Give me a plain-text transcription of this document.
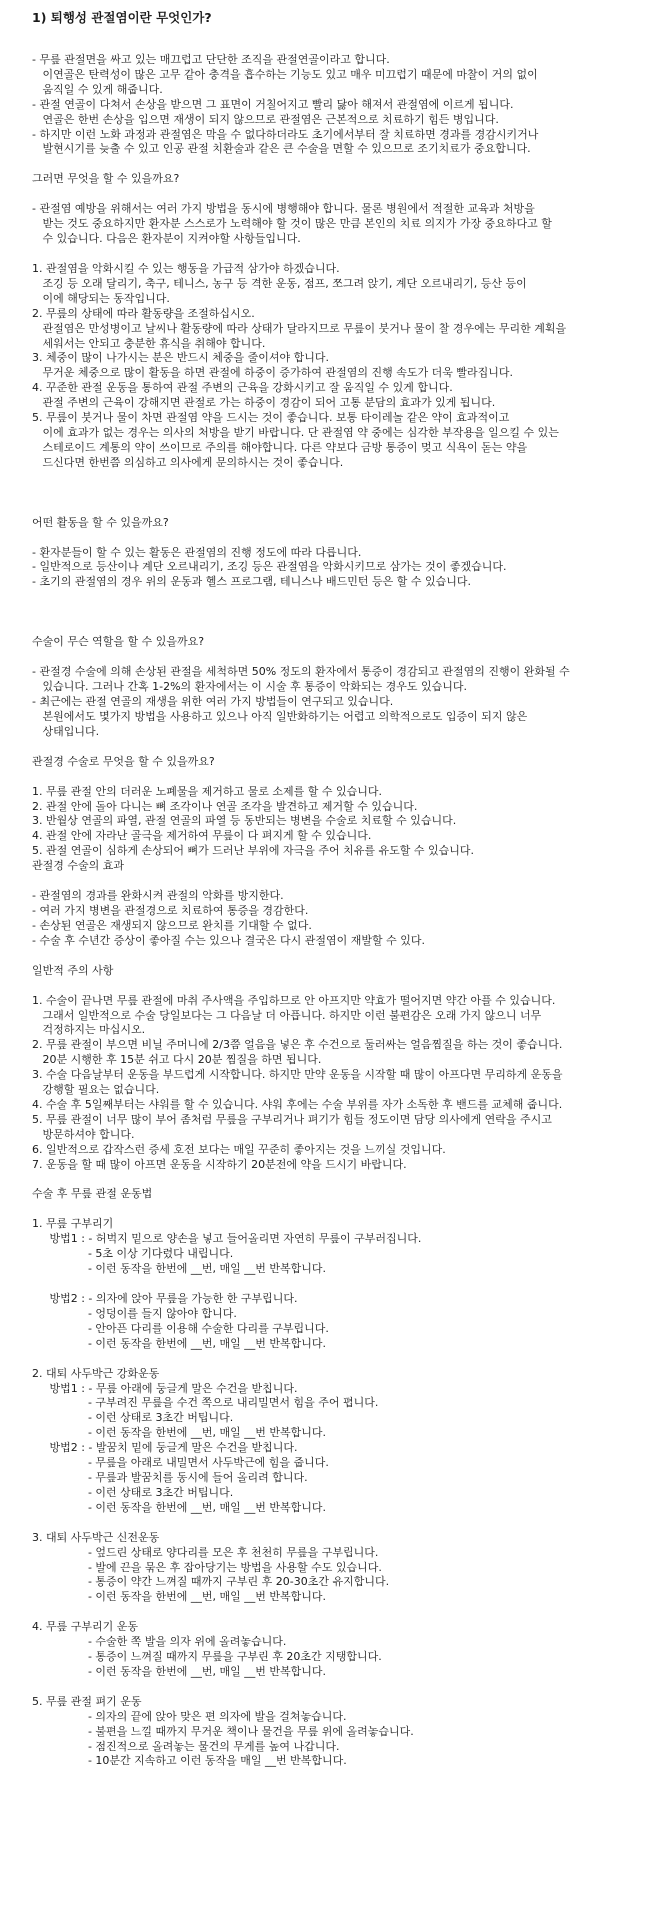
1) 퇴행성 관절염이란 무엇인가?
- 무릎 관절면을 싸고 있는 매끄럽고 단단한 조직을 관절연골이라고 합니다.
이연골은 탄력성이 많은 고무 같아 충격을 흡수하는 기능도 있고 매우 미끄럽기 때문에 마찰이 거의 없이
움직일 수 있게 해줍니다.
- 관절 연골이 다쳐서 손상을 받으면 그 표면이 거칠어지고 빨리 닳아 해져서 관절염에 이르게 됩니다.
연골은 한번 손상을 입으면 재생이 되지 않으므로 관절염은 근본적으로 치료하기 힘든 병입니다.
- 하지만 이런 노화 과정과 관절염은 막을 수 없다하더라도 초기에서부터 잘 치료하면 경과를 경감시키거나
발현시기를 늦출 수 있고 인공 관절 치환술과 같은 큰 수술을 면할 수 있으므로 조기치료가 중요합니다.
그러면 무엇을 할 수 있을까요?
- 관절염 예방을 위해서는 여러 가지 방법을 동시에 병행해야 합니다. 물론 병원에서 적절한 교육과 처방을
받는 것도 중요하지만 환자분 스스로가 노력해야 할 것이 많은 만큼 본인의 치료 의지가 가장 중요하다고 할
수 있습니다. 다음은 환자분이 지켜야할 사항들입니다.
1. 관절염을 악화시킬 수 있는 행동을 가급적 삼가야 하겠습니다.
조깅 등 오래 달리기, 축구, 테니스, 농구 등 격한 운동, 점프, 쪼그려 앉기, 계단 오르내리기, 등산 등이
이에 해당되는 동작입니다.
2. 무릎의 상태에 따라 활동량을 조절하십시오.
관절염은 만성병이고 날씨나 활동량에 따라 상태가 달라지므로 무릎이 붓거나 물이 찰 경우에는 무리한 계획을
세워서는 안되고 충분한 휴식을 취해야 합니다.
3. 체중이 많이 나가시는 분은 반드시 체중을 줄이셔야 합니다.
무거운 체중으로 많이 활동을 하면 관절에 하중이 증가하여 관절염의 진행 속도가 더욱 빨라집니다.
4. 꾸준한 관절 운동을 통하여 관절 주변의 근육을 강화시키고 잘 움직일 수 있게 합니다.
관절 주변의 근육이 강해지면 관절로 가는 하중이 경감이 되어 고통 분담의 효과가 있게 됩니다.
5. 무릎이 붓거나 물이 차면 관절염 약을 드시는 것이 좋습니다. 보통 타이레놀 같은 약이 효과적이고
이에 효과가 없는 경우는 의사의 처방을 받기 바랍니다. 단 관절염 약 중에는 심각한 부작용을 일으킬 수 있는
스테로이드 계통의 약이 쓰이므로 주의를 해야합니다. 다른 약보다 금방 통증이 멎고 식욕이 돋는 약을
드신다면 한번쯤 의심하고 의사에게 문의하시는 것이 좋습니다.
어떤 활동을 할 수 있을까요?
- 환자분들이 할 수 있는 활동은 관절염의 진행 정도에 따라 다릅니다.
- 일반적으로 등산이나 계단 오르내리기, 조깅 등은 관절염을 악화시키므로 삼가는 것이 좋겠습니다.
- 초기의 관절염의 경우 위의 운동과 헬스 프로그램, 테니스나 배드민턴 등은 할 수 있습니다.
수술이 무슨 역할을 할 수 있을까요?
- 관절경 수술에 의해 손상된 관절을 세척하면 50% 정도의 환자에서 통증이 경감되고 관절염의 진행이 완화될 수
있습니다. 그러나 간혹 1-2%의 환자에서는 이 시술 후 통증이 악화되는 경우도 있습니다.
- 최근에는 관절 연골의 재생을 위한 여러 가지 방법들이 연구되고 있습니다.
본원에서도 몇가지 방법을 사용하고 있으나 아직 일반화하기는 어렵고 의학적으로도 입증이 되지 않은
상태입니다.
관절경 수술로 무엇을 할 수 있을까요?
1. 무릎 관절 안의 더러운 노폐물을 제거하고 물로 소제를 할 수 있습니다.
2. 관절 안에 돌아 다니는 뼈 조각이나 연골 조각을 발견하고 제거할 수 있습니다.
3. 반월상 연골의 파열, 관절 연골의 파열 등 동반되는 병변을 수술로 치료할 수 있습니다.
4. 관절 안에 자라난 골극을 제거하여 무릎이 다 펴지게 할 수 있습니다.
5. 관절 연골이 심하게 손상되어 뼈가 드러난 부위에 자극을 주어 치유를 유도할 수 있습니다.
관절경 수술의 효과
- 관절염의 경과를 완화시켜 관절의 악화를 방지한다.
- 여러 가지 병변을 관절경으로 치료하여 통증을 경감한다.
- 손상된 연골은 재생되지 않으므로 완치를 기대할 수 없다.
- 수술 후 수년간 증상이 좋아질 수는 있으나 결국은 다시 관절염이 재발할 수 있다.
일반적 주의 사항
1. 수술이 끝나면 무릎 관절에 마취 주사액을 주입하므로 안 아프지만 약효가 떨어지면 약간 아플 수 있습니다.
그래서 일반적으로 수술 당일보다는 그 다음날 더 아픕니다. 하지만 이런 불편감은 오래 가지 않으니 너무
걱정하지는 마십시오.
2. 무릎 관절이 부으면 비닐 주머니에 2/3쯤 얼음을 넣은 후 수건으로 둘러싸는 얼음찜질을 하는 것이 좋습니다.
20분 시행한 후 15분 쉬고 다시 20분 찜질을 하면 됩니다.
3. 수술 다음날부터 운동을 부드럽게 시작합니다. 하지만 만약 운동을 시작할 때 많이 아프다면 무리하게 운동을
강행할 필요는 없습니다.
4. 수술 후 5일째부터는 샤워를 할 수 있습니다. 샤워 후에는 수술 부위를 자가 소독한 후 밴드를 교체해 줍니다.
5. 무릎 관절이 너무 많이 부어 좀처럼 무릎을 구부리거나 펴기가 힘들 정도이면 담당 의사에게 연락을 주시고
방문하셔야 합니다.
6. 일반적으로 갑작스런 증세 호전 보다는 매일 꾸준히 좋아지는 것을 느끼실 것입니다.
7. 운동을 할 때 많이 아프면 운동을 시작하기 20분전에 약을 드시기 바랍니다.
수술 후 무릎 관절 운동법
1. 무릎 구부리기
방법1 : - 허벅지 밑으로 양손을 넣고 들어올리면 자연히 무릎이 구부러집니다.
- 5초 이상 기다렸다 내립니다.
- 이런 동작을 한번에 __번, 매일 __번 반복합니다.
방법2 : - 의자에 앉아 무릎을 가능한 한 구부립니다.
- 엉덩이를 들지 않아야 합니다.
- 안아픈 다리를 이용해 수술한 다리를 구부립니다.
- 이런 동작을 한번에 __번, 매일 __번 반복합니다.
2. 대퇴 사두박근 강화운동
방법1 : - 무릎 아래에 둥글게 말은 수건을 받칩니다.
- 구부려진 무릎을 수건 쪽으로 내리밀면서 힘을 주어 폅니다.
- 이런 상태로 3초간 버팁니다.
- 이런 동작을 한번에 __번, 매일 __번 반복합니다.
방법2 : - 발꿈치 밑에 둥글게 말은 수건을 받칩니다.
- 무릎을 아래로 내밀면서 사두박근에 힘을 줍니다.
- 무릎과 발꿈치를 동시에 들어 올리려 합니다.
- 이런 상태로 3초간 버팁니다.
- 이런 동작을 한번에 __번, 매일 __번 반복합니다.
3. 대퇴 사두박근 신전운동
- 엎드린 상태로 양다리를 모은 후 천천히 무릎을 구부립니다.
- 발에 끈을 묶은 후 잡아당기는 방법을 사용할 수도 있습니다.
- 통증이 약간 느껴질 때까지 구부린 후 20-30초간 유지합니다.
- 이런 동작을 한번에 __번, 매일 __번 반복합니다.
4. 무릎 구부리기 운동
- 수술한 쪽 발을 의자 위에 올려놓습니다.
- 통증이 느껴질 때까지 무릎을 구부린 후 20초간 지탱합니다.
- 이런 동작을 한번에 __번, 매일 __번 반복합니다.
5. 무릎 관절 펴기 운동
- 의자의 끝에 앉아 맞은 편 의자에 발을 걸쳐놓습니다.
- 불편을 느낄 때까지 무거운 책이나 물건을 무릎 위에 올려놓습니다.
- 점진적으로 올려놓는 물건의 무게를 높여 나갑니다.
- 10분간 지속하고 이런 동작을 매일 __번 반복합니다.
